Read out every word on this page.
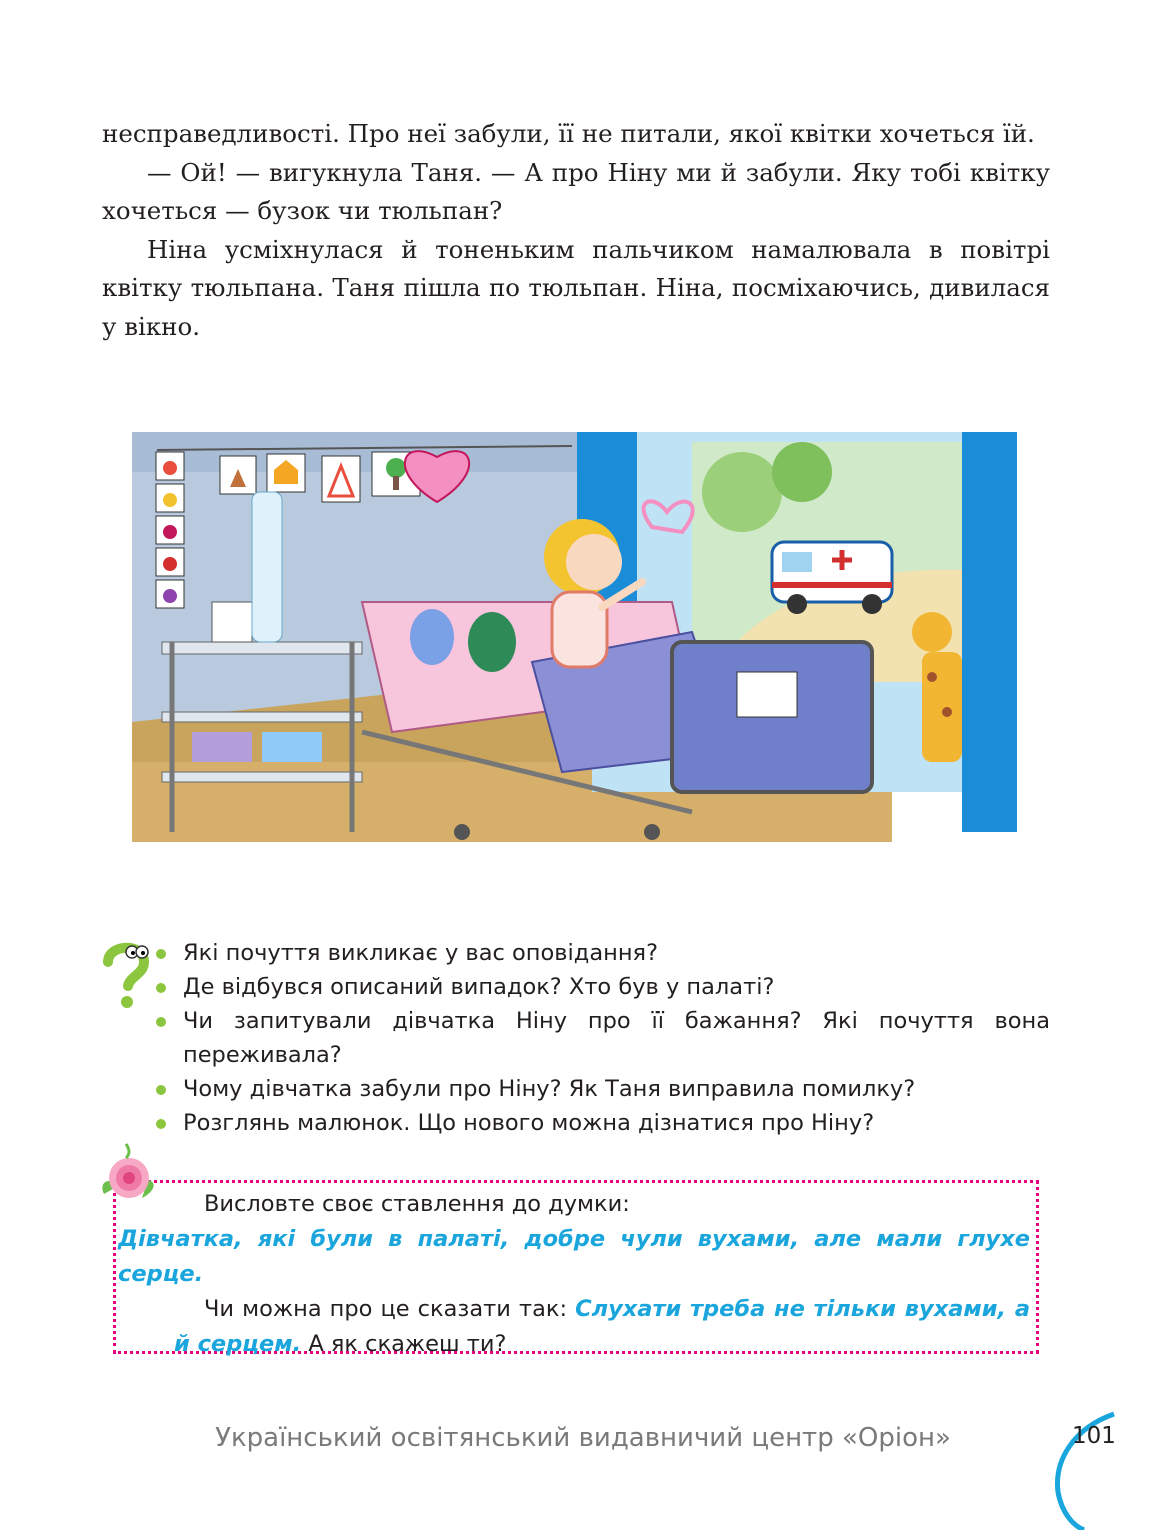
несправедливості. Про неї забули, її не питали, якої квітки хочеться їй.

— Ой! — вигукнула Таня. — А про Ніну ми й забули. Яку тобі квітку хочеться — бузок чи тюльпан?

Ніна усміхнулася й тоненьким пальчиком намалювала в повітрі квітку тюльпана. Таня пішла по тюльпан. Ніна, посміхаючись, дивилася у вікно.

Які почуття викликає у вас оповідання?
Де відбувся описаний випадок? Хто був у палаті?
Чи запитували дівчатка Ніну про її бажання? Які почуття вона переживала?
Чому дівчатка забули про Ніну? Як Таня виправила помилку?
Розглянь малюнок. Що нового можна дізнатися про Ніну?

Висловте своє ставлення до думки:

Дівчатка, які були в палаті, добре чули вухами, але мали глухе серце.

Чи можна про це сказати так: Слухати треба не тільки вухами, а й серцем. А як скажеш ти?

Український освітянський видавничий центр «Оріон»	101
